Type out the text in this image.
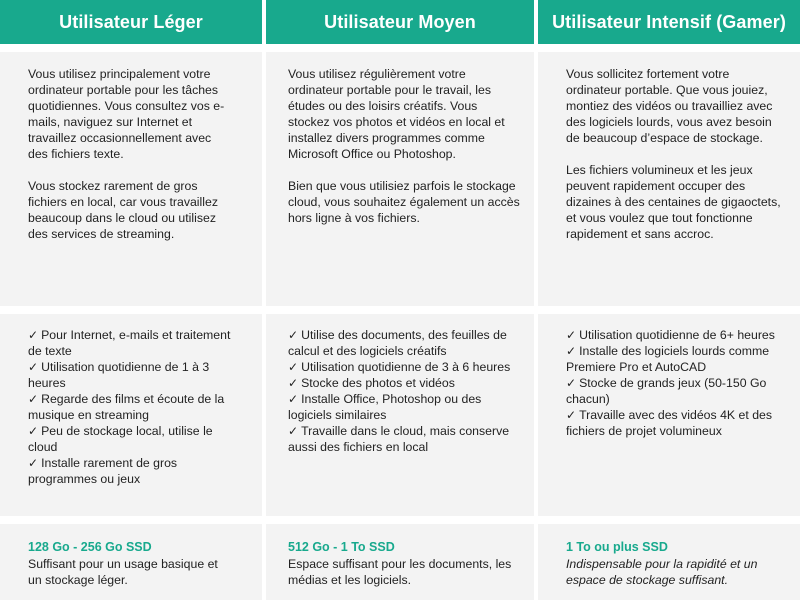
Utilisateur Léger

Vous utilisez principalement votre ordinateur portable pour les tâches quotidiennes. Vous consultez vos e-mails, naviguez sur Internet et travaillez occasionnellement avec des fichiers texte.

Vous stockez rarement de gros fichiers en local, car vous travaillez beaucoup dans le cloud ou utilisez des services de streaming.

✓ Pour Internet, e-mails et traitement de texte
✓ Utilisation quotidienne de 1 à 3 heures
✓ Regarde des films et écoute de la musique en streaming
✓ Peu de stockage local, utilise le cloud
✓ Installe rarement de gros programmes ou jeux
128 Go - 256 Go SSD
Suffisant pour un usage basique et un stockage léger.
Utilisateur Moyen

Vous utilisez régulièrement votre ordinateur portable pour le travail, les études ou des loisirs créatifs. Vous stockez vos photos et vidéos en local et installez divers programmes comme Microsoft Office ou Photoshop.

Bien que vous utilisiez parfois le stockage cloud, vous souhaitez également un accès hors ligne à vos fichiers.

✓ Utilise des documents, des feuilles de calcul et des logiciels créatifs
✓ Utilisation quotidienne de 3 à 6 heures
✓ Stocke des photos et vidéos
✓ Installe Office, Photoshop ou des logiciels similaires
✓ Travaille dans le cloud, mais conserve aussi des fichiers en local
512 Go - 1 To SSD
Espace suffisant pour les documents, les médias et les logiciels.
Utilisateur Intensif (Gamer)

Vous sollicitez fortement votre ordinateur portable. Que vous jouiez, montiez des vidéos ou travailliez avec des logiciels lourds, vous avez besoin de beaucoup d’espace de stockage.

Les fichiers volumineux et les jeux peuvent rapidement occuper des dizaines à des centaines de gigaoctets, et vous voulez que tout fonctionne rapidement et sans accroc.

✓ Utilisation quotidienne de 6+ heures
✓ Installe des logiciels lourds comme Premiere Pro et AutoCAD
✓ Stocke de grands jeux (50-150 Go chacun)
✓ Travaille avec des vidéos 4K et des fichiers de projet volumineux
1 To ou plus SSD
Indispensable pour la rapidité et un espace de stockage suffisant.
